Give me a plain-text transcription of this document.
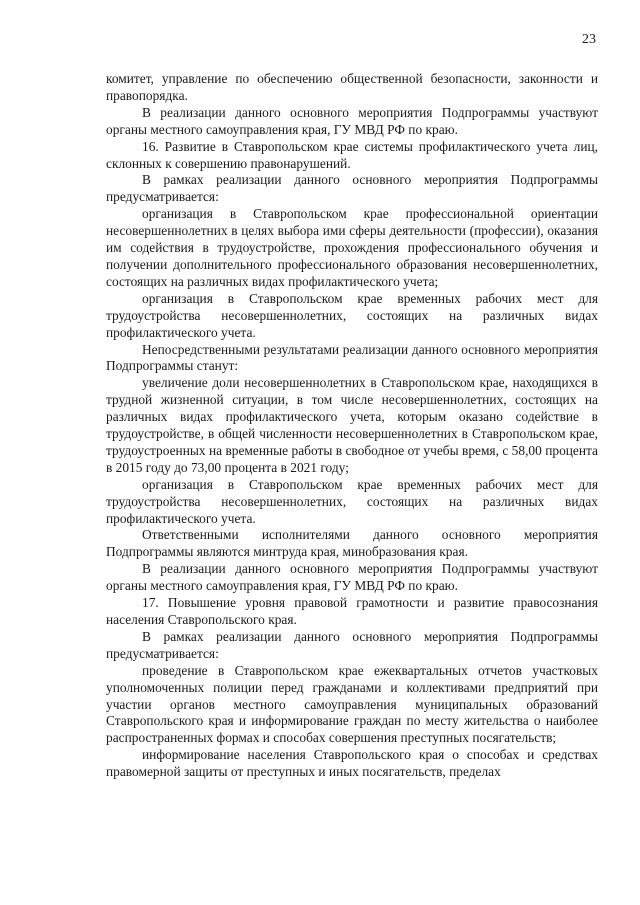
23

комитет, управление по обеспечению общественной безопасности, законности и правопорядка.

В реализации данного основного мероприятия Подпрограммы участвуют органы местного самоуправления края, ГУ МВД РФ по краю.

16. Развитие в Ставропольском крае системы профилактического учета лиц, склонных к совершению правонарушений.

В рамках реализации данного основного мероприятия Подпрограммы предусматривается:

организация в Ставропольском крае профессиональной ориентации несовершеннолетних в целях выбора ими сферы деятельности (профессии), оказания им содействия в трудоустройстве, прохождения профессионального обучения и получении дополнительного профессионального образования несовершеннолетних, состоящих на различных видах профилактического учета;

организация в Ставропольском крае временных рабочих мест для трудоустройства несовершеннолетних, состоящих на различных видах профилактического учета.

Непосредственными результатами реализации данного основного мероприятия Подпрограммы станут:

увеличение доли несовершеннолетних в Ставропольском крае, находящихся в трудной жизненной ситуации, в том числе несовершеннолетних, состоящих на различных видах профилактического учета, которым оказано содействие в трудоустройстве, в общей численности несовершеннолетних в Ставропольском крае, трудоустроенных на временные работы в свободное от учебы время, с 58,00 процента в 2015 году до 73,00 процента в 2021 году;

организация в Ставропольском крае временных рабочих мест для трудоустройства несовершеннолетних, состоящих на различных видах профилактического учета.

Ответственными исполнителями данного основного мероприятия Подпрограммы являются минтруда края, минобразования края.

В реализации данного основного мероприятия Подпрограммы участвуют органы местного самоуправления края, ГУ МВД РФ по краю.

17. Повышение уровня правовой грамотности и развитие правосознания населения Ставропольского края.

В рамках реализации данного основного мероприятия Подпрограммы предусматривается:

проведение в Ставропольском крае ежеквартальных отчетов участковых уполномоченных полиции перед гражданами и коллективами предприятий при участии органов местного самоуправления муниципальных образований Ставропольского края и информирование граждан по месту жительства о наиболее распространенных формах и способах совершения преступных посягательств;

информирование населения Ставропольского края о способах и средствах правомерной защиты от преступных и иных посягательств, пределах
